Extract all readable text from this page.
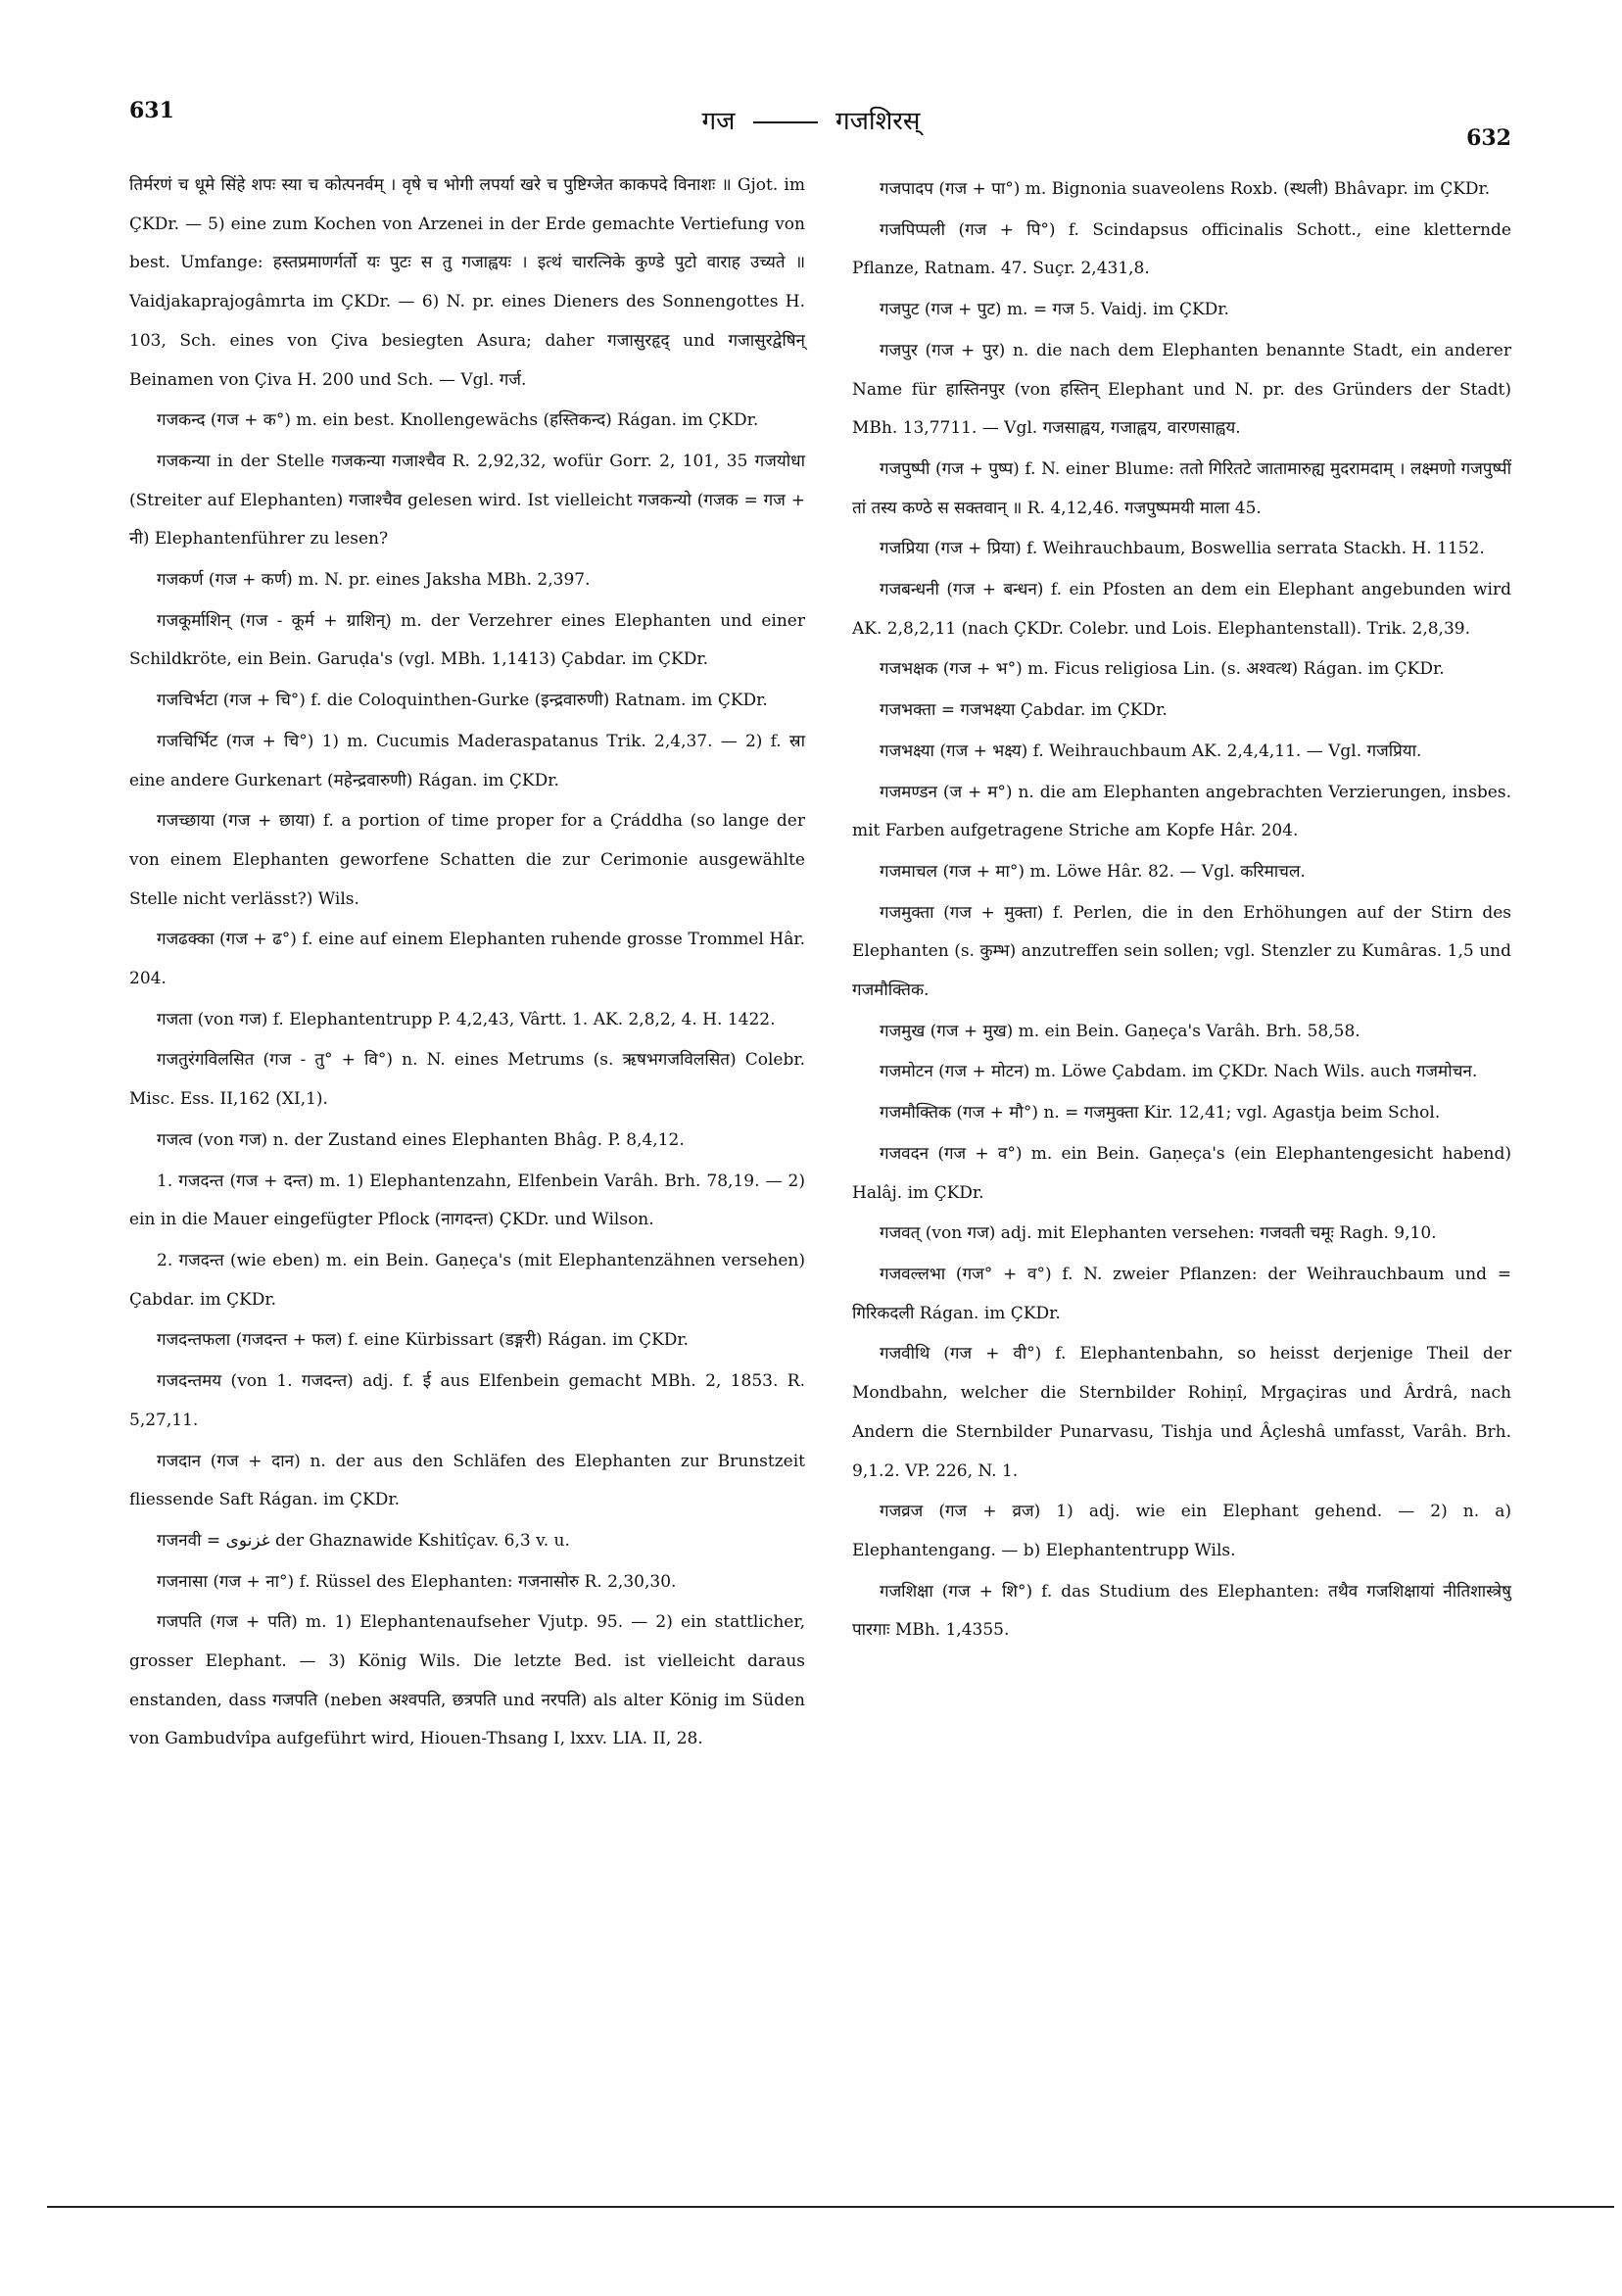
631
632
गज	गजशिरस्

तिर्मरणं च धूमे सिंहे शपः स्या च कोत्पनर्वम् । वृषे च भोगी लपर्या खरे च पुष्टिग्जेत काकपदे विनाशः ॥ Gjot. im ÇKDr. — 5) eine zum Kochen von Arzenei in der Erde gemachte Vertiefung von best. Umfange: हस्तप्रमाणर्गर्तो यः पुटः स तु गजाह्वयः । इत्थं चारत्निके कुण्डे पुटो वाराह उच्यते ॥ Vaidjakaprajogâmrta im ÇKDr. — 6) N. pr. eines Dieners des Sonnengottes H. 103, Sch. eines von Çiva besiegten Asura; daher गजासुरहृद् und गजासुरद्वेषिन् Beinamen von Çiva H. 200 und Sch. — Vgl. गर्ज.

गजकन्द (गज + क°) m. ein best. Knollengewächs (हस्तिकन्द) Rágan. im ÇKDr.

गजकन्या in der Stelle गजकन्या गजाश्चैव R. 2,92,32, wofür Gorr. 2, 101, 35 गजयोधा (Streiter auf Elephanten) गजाश्चैव gelesen wird. Ist vielleicht गजकन्यो (गजक = गज + नी) Elephantenführer zu lesen?

गजकर्ण (गज + कर्ण) m. N. pr. eines Jaksha MBh. 2,397.

गजकूर्माशिन् (गज - कूर्म + ग्राशिन्) m. der Verzehrer eines Elephanten und einer Schildkröte, ein Bein. Garuḍa's (vgl. MBh. 1,1413) Çabdar. im ÇKDr.

गजचिर्भटा (गज + चि°) f. die Coloquinthen-Gurke (इन्द्रवारुणी) Ratnam. im ÇKDr.

गजचिर्भिट (गज + चि°) 1) m. Cucumis Maderaspatanus Trik. 2,4,37. — 2) f. स्रा eine andere Gurkenart (महेन्द्रवारुणी) Rágan. im ÇKDr.

गजच्छाया (गज + छाया) f. a portion of time proper for a Çráddha (so lange der von einem Elephanten geworfene Schatten die zur Cerimonie ausgewählte Stelle nicht verlässt?) Wils.

गजढक्का (गज + ढ°) f. eine auf einem Elephanten ruhende grosse Trommel Hâr. 204.

गजता (von गज) f. Elephantentrupp P. 4,2,43, Vârtt. 1. AK. 2,8,2, 4. H. 1422.

गजतुरंगविलसित (गज - तु° + वि°) n. N. eines Metrums (s. ऋषभगजविलसित) Colebr. Misc. Ess. II,162 (XI,1).

गजत्व (von गज) n. der Zustand eines Elephanten Bhâg. P. 8,4,12.

1. गजदन्त (गज + दन्त) m. 1) Elephantenzahn, Elfenbein Varâh. Brh. 78,19. — 2) ein in die Mauer eingefügter Pflock (नागदन्त) ÇKDr. und Wilson.

2. गजदन्त (wie eben) m. ein Bein. Gaṇeça's (mit Elephantenzähnen versehen) Çabdar. im ÇKDr.

गजदन्तफला (गजदन्त + फल) f. eine Kürbissart (डङ्गरी) Rágan. im ÇKDr.

गजदन्तमय (von 1. गजदन्त) adj. f. ई aus Elfenbein gemacht MBh. 2, 1853. R. 5,27,11.

गजदान (गज + दान) n. der aus den Schläfen des Elephanten zur Brunstzeit fliessende Saft Rágan. im ÇKDr.

गजनवी = غزنوى der Ghaznawide Kshitîçav. 6,3 v. u.

गजनासा (गज + ना°) f. Rüssel des Elephanten: गजनासोरु R. 2,30,30.

गजपति (गज + पति) m. 1) Elephantenaufseher Vjutp. 95. — 2) ein stattlicher, grosser Elephant. — 3) König Wils. Die letzte Bed. ist vielleicht daraus enstanden, dass गजपति (neben अश्वपति, छत्रपति und नरपति) als alter König im Süden von Gambudvîpa aufgeführt wird, Hiouen-Thsang I, lxxv. LIA. II, 28.

गजपादप (गज + पा°) m. Bignonia suaveolens Roxb. (स्थली) Bhâvapr. im ÇKDr.

गजपिप्पली (गज + पि°) f. Scindapsus officinalis Schott., eine kletternde Pflanze, Ratnam. 47. Suçr. 2,431,8.

गजपुट (गज + पुट) m. = गज 5. Vaidj. im ÇKDr.

गजपुर (गज + पुर) n. die nach dem Elephanten benannte Stadt, ein anderer Name für हास्तिनपुर (von हस्तिन् Elephant und N. pr. des Gründers der Stadt) MBh. 13,7711. — Vgl. गजसाह्वय, गजाह्वय, वारणसाह्वय.

गजपुष्पी (गज + पुष्प) f. N. einer Blume: ततो गिरितटे जातामारुह्य मुदरामदाम् । लक्ष्मणो गजपुष्पीं तां तस्य कण्ठे स सक्तवान् ॥ R. 4,12,46. गजपुष्पमयी माला 45.

गजप्रिया (गज + प्रिया) f. Weihrauchbaum, Boswellia serrata Stackh. H. 1152.

गजबन्धनी (गज + बन्धन) f. ein Pfosten an dem ein Elephant angebunden wird AK. 2,8,2,11 (nach ÇKDr. Colebr. und Lois. Elephantenstall). Trik. 2,8,39.

गजभक्षक (गज + भ°) m. Ficus religiosa Lin. (s. अश्वत्थ) Rágan. im ÇKDr.

गजभक्ता = गजभक्ष्या Çabdar. im ÇKDr.

गजभक्ष्या (गज + भक्ष्य) f. Weihrauchbaum AK. 2,4,4,11. — Vgl. गजप्रिया.

गजमण्डन (ज + म°) n. die am Elephanten angebrachten Verzierungen, insbes. mit Farben aufgetragene Striche am Kopfe Hâr. 204.

गजमाचल (गज + मा°) m. Löwe Hâr. 82. — Vgl. करिमाचल.

गजमुक्ता (गज + मुक्ता) f. Perlen, die in den Erhöhungen auf der Stirn des Elephanten (s. कुम्भ) anzutreffen sein sollen; vgl. Stenzler zu Kumâras. 1,5 und गजमौक्तिक.

गजमुख (गज + मुख) m. ein Bein. Gaṇeça's Varâh. Brh. 58,58.

गजमोटन (गज + मोटन) m. Löwe Çabdam. im ÇKDr. Nach Wils. auch गजमोचन.

गजमौक्तिक (गज + मौ°) n. = गजमुक्ता Kir. 12,41; vgl. Agastja beim Schol.

गजवदन (गज + व°) m. ein Bein. Gaṇeça's (ein Elephantengesicht habend) Halâj. im ÇKDr.

गजवत् (von गज) adj. mit Elephanten versehen: गजवती चमूः Ragh. 9,10.

गजवल्लभा (गज° + व°) f. N. zweier Pflanzen: der Weihrauchbaum und = गिरिकदली Rágan. im ÇKDr.

गजवीथि (गज + वी°) f. Elephantenbahn, so heisst derjenige Theil der Mondbahn, welcher die Sternbilder Rohiṇî, Mṛgaçiras und Ârdrâ, nach Andern die Sternbilder Punarvasu, Tishja und Âçleshâ umfasst, Varâh. Brh. 9,1.2. VP. 226, N. 1.

गजव्रज (गज + व्रज) 1) adj. wie ein Elephant gehend. — 2) n. a) Elephantengang. — b) Elephantentrupp Wils.

गजशिक्षा (गज + शि°) f. das Studium des Elephanten: तथैव गजशिक्षायां नीतिशास्त्रेषु पारगाः MBh. 1,4355.
